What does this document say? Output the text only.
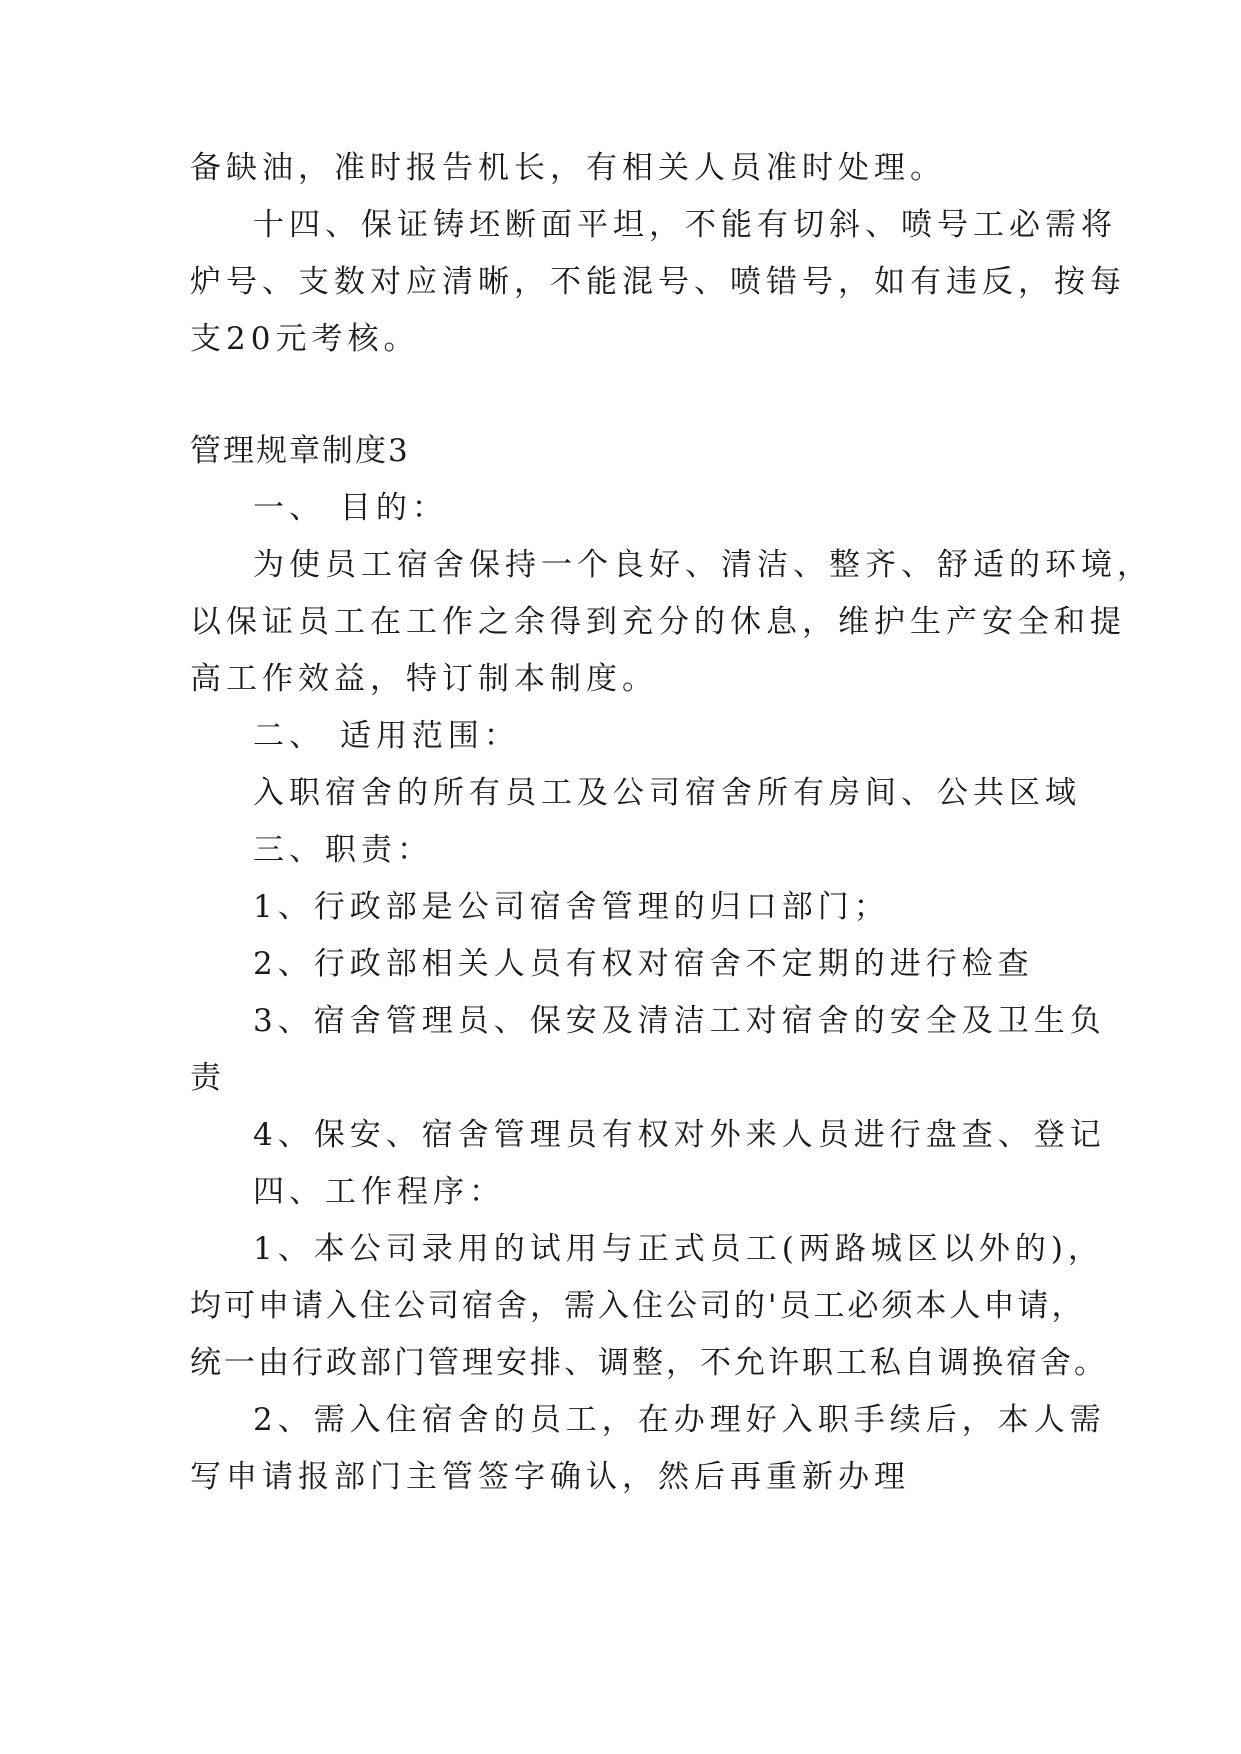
备缺油，准时报告机长，有相关人员准时处理。
十四、保证铸坯断面平坦，不能有切斜、喷号工必需将
炉号、支数对应清晰，不能混号、喷错号，如有违反，按每
支20元考核。
管理规章制度3
一、 目的：
为使员工宿舍保持一个良好、清洁、整齐、舒适的环境，
以保证员工在工作之余得到充分的休息，维护生产安全和提
高工作效益，特订制本制度。
二、 适用范围：
入职宿舍的所有员工及公司宿舍所有房间、公共区域
三、职责：
1、行政部是公司宿舍管理的归口部门；
2、行政部相关人员有权对宿舍不定期的进行检查
3、宿舍管理员、保安及清洁工对宿舍的安全及卫生负
责
4、保安、宿舍管理员有权对外来人员进行盘查、登记
四、工作程序：
1、本公司录用的试用与正式员工(两路城区以外的)，
均可申请入住公司宿舍，需入住公司的'员工必须本人申请，
统一由行政部门管理安排、调整，不允许职工私自调换宿舍。
2、需入住宿舍的员工，在办理好入职手续后，本人需
写申请报部门主管签字确认，然后再重新办理
